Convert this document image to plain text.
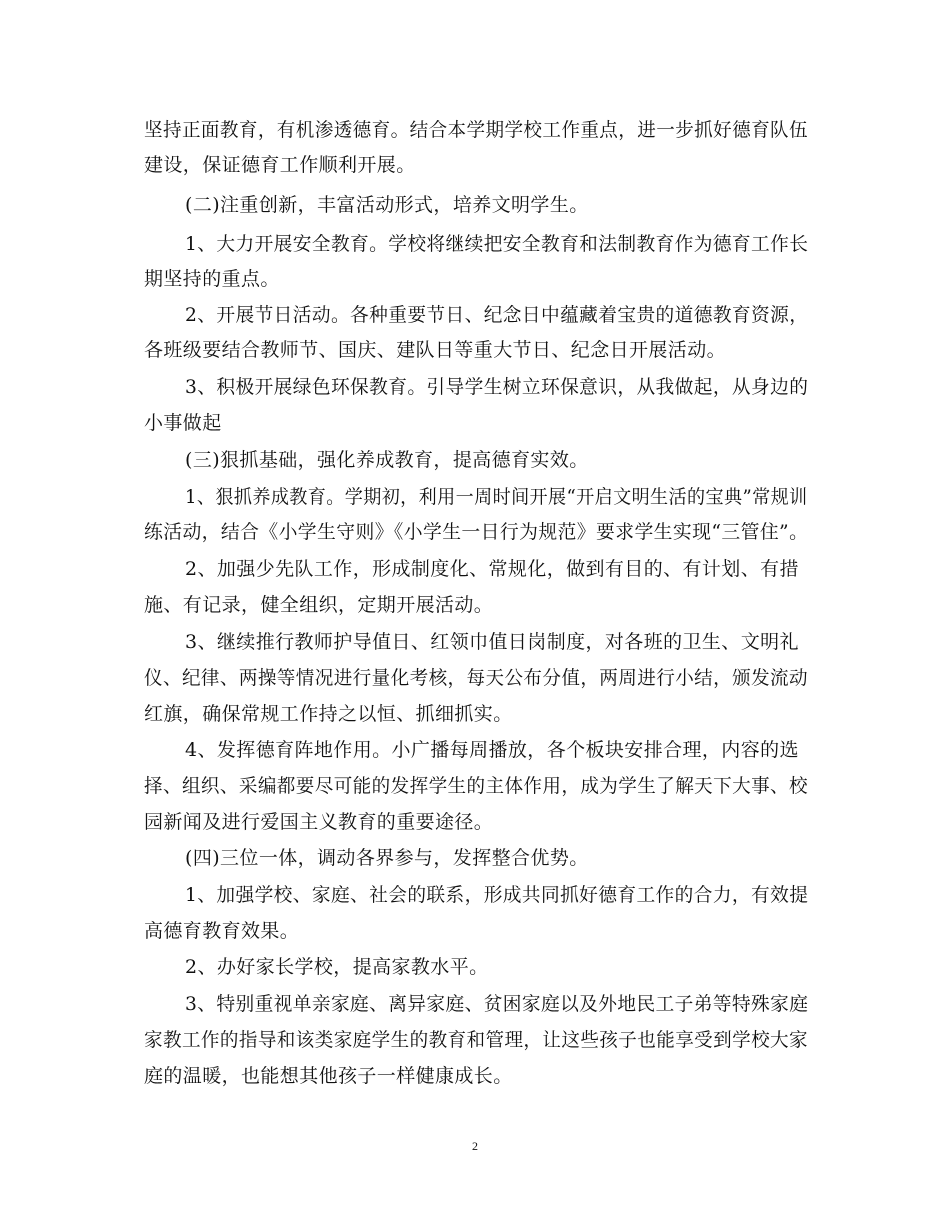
坚持正面教育，有机渗透德育。结合本学期学校工作重点，进一步抓好德育队伍
建设，保证德育工作顺利开展。
(二)注重创新，丰富活动形式，培养文明学生。
1、大力开展安全教育。学校将继续把安全教育和法制教育作为德育工作长
期坚持的重点。
2、开展节日活动。各种重要节日、纪念日中蕴藏着宝贵的道德教育资源，
各班级要结合教师节、国庆、建队日等重大节日、纪念日开展活动。
3、积极开展绿色环保教育。引导学生树立环保意识，从我做起，从身边的
小事做起
(三)狠抓基础，强化养成教育，提高德育实效。
1、狠抓养成教育。学期初，利用一周时间开展“开启文明生活的宝典”常规训
练活动，结合《小学生守则》《小学生一日行为规范》要求学生实现“三管住”。
2、加强少先队工作，形成制度化、常规化，做到有目的、有计划、有措
施、有记录，健全组织，定期开展活动。
3、继续推行教师护导值日、红领巾值日岗制度，对各班的卫生、文明礼
仪、纪律、两操等情况进行量化考核，每天公布分值，两周进行小结，颁发流动
红旗，确保常规工作持之以恒、抓细抓实。
4、发挥德育阵地作用。小广播每周播放，各个板块安排合理，内容的选
择、组织、采编都要尽可能的发挥学生的主体作用，成为学生了解天下大事、校
园新闻及进行爱国主义教育的重要途径。
(四)三位一体，调动各界参与，发挥整合优势。
1、加强学校、家庭、社会的联系，形成共同抓好德育工作的合力，有效提
高德育教育效果。
2、办好家长学校，提高家教水平。
3、特别重视单亲家庭、离异家庭、贫困家庭以及外地民工子弟等特殊家庭
家教工作的指导和该类家庭学生的教育和管理，让这些孩子也能享受到学校大家
庭的温暖，也能想其他孩子一样健康成长。
2
